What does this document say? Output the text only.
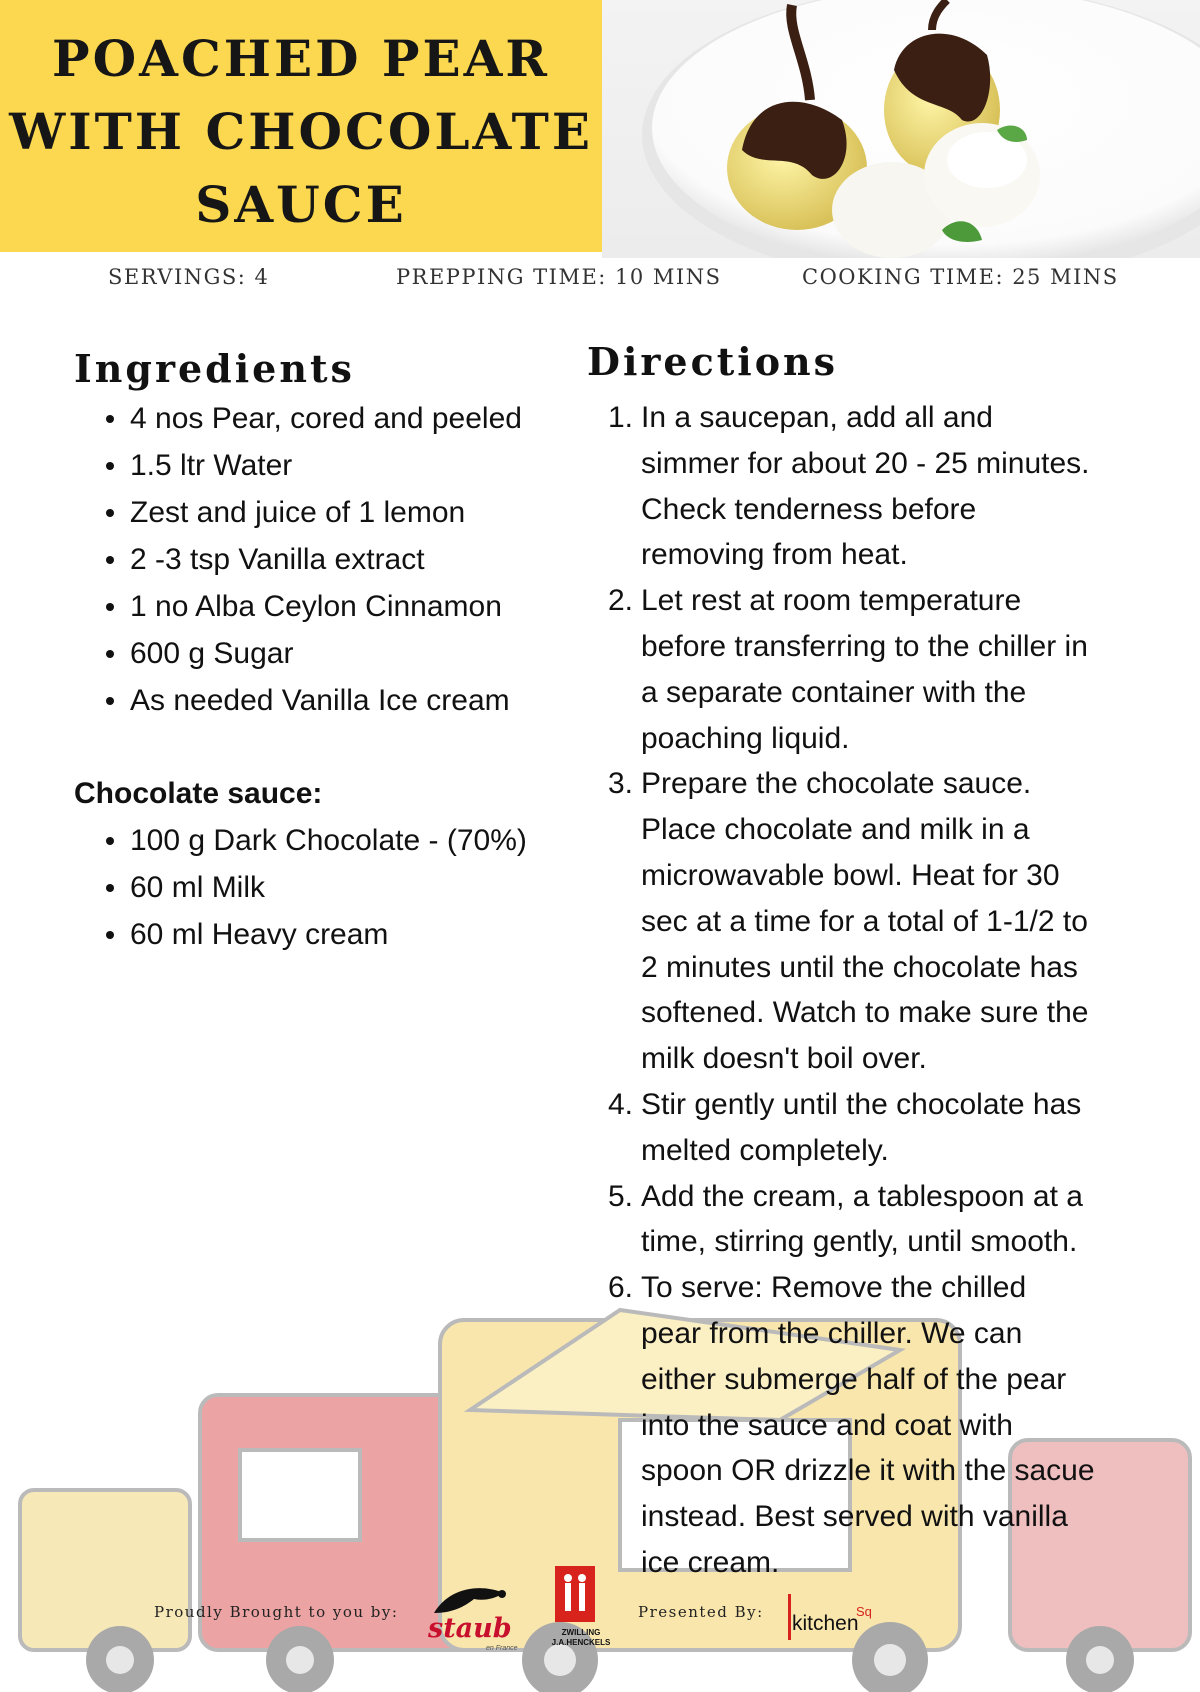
POACHED PEAR
WITH CHOCOLATE
SAUCE

SERVINGS: 4	PREPPING TIME: 10 MINS	COOKING TIME: 25 MINS

Ingredients
4 nos Pear, cored and peeled
1.5 ltr Water
Zest and juice of 1 lemon
2 -3 tsp Vanilla extract
1 no Alba Ceylon Cinnamon
600 g Sugar
As needed Vanilla Ice cream

Chocolate sauce:

100 g Dark Chocolate - (70%)
60 ml Milk
60 ml Heavy cream
Directions
1. In a saucepan, add all and
simmer for about 20 - 25 minutes.
Check tenderness before
removing from heat.
2. Let rest at room temperature
before transferring to the chiller in
a separate container with the
poaching liquid.
3. Prepare the chocolate sauce.
Place chocolate and milk in a
microwavable bowl. Heat for 30
sec at a time for a total of 1-1/2 to
2 minutes until the chocolate has
softened. Watch to make sure the
milk doesn't boil over.
4. Stir gently until the chocolate has
melted completely.
5. Add the cream, a tablespoon at a
time, stirring gently, until smooth.
6. To serve: Remove the chilled
pear from the chiller. We can
either submerge half of the pear
into the sauce and coat with
spoon OR drizzle it with the sacue
instead. Best served with vanilla
ice cream.

Proudly Brought to you by:	Presented By:

staub

en France

ZWILLING J.A.HENCKELS

kitchen

Sq
